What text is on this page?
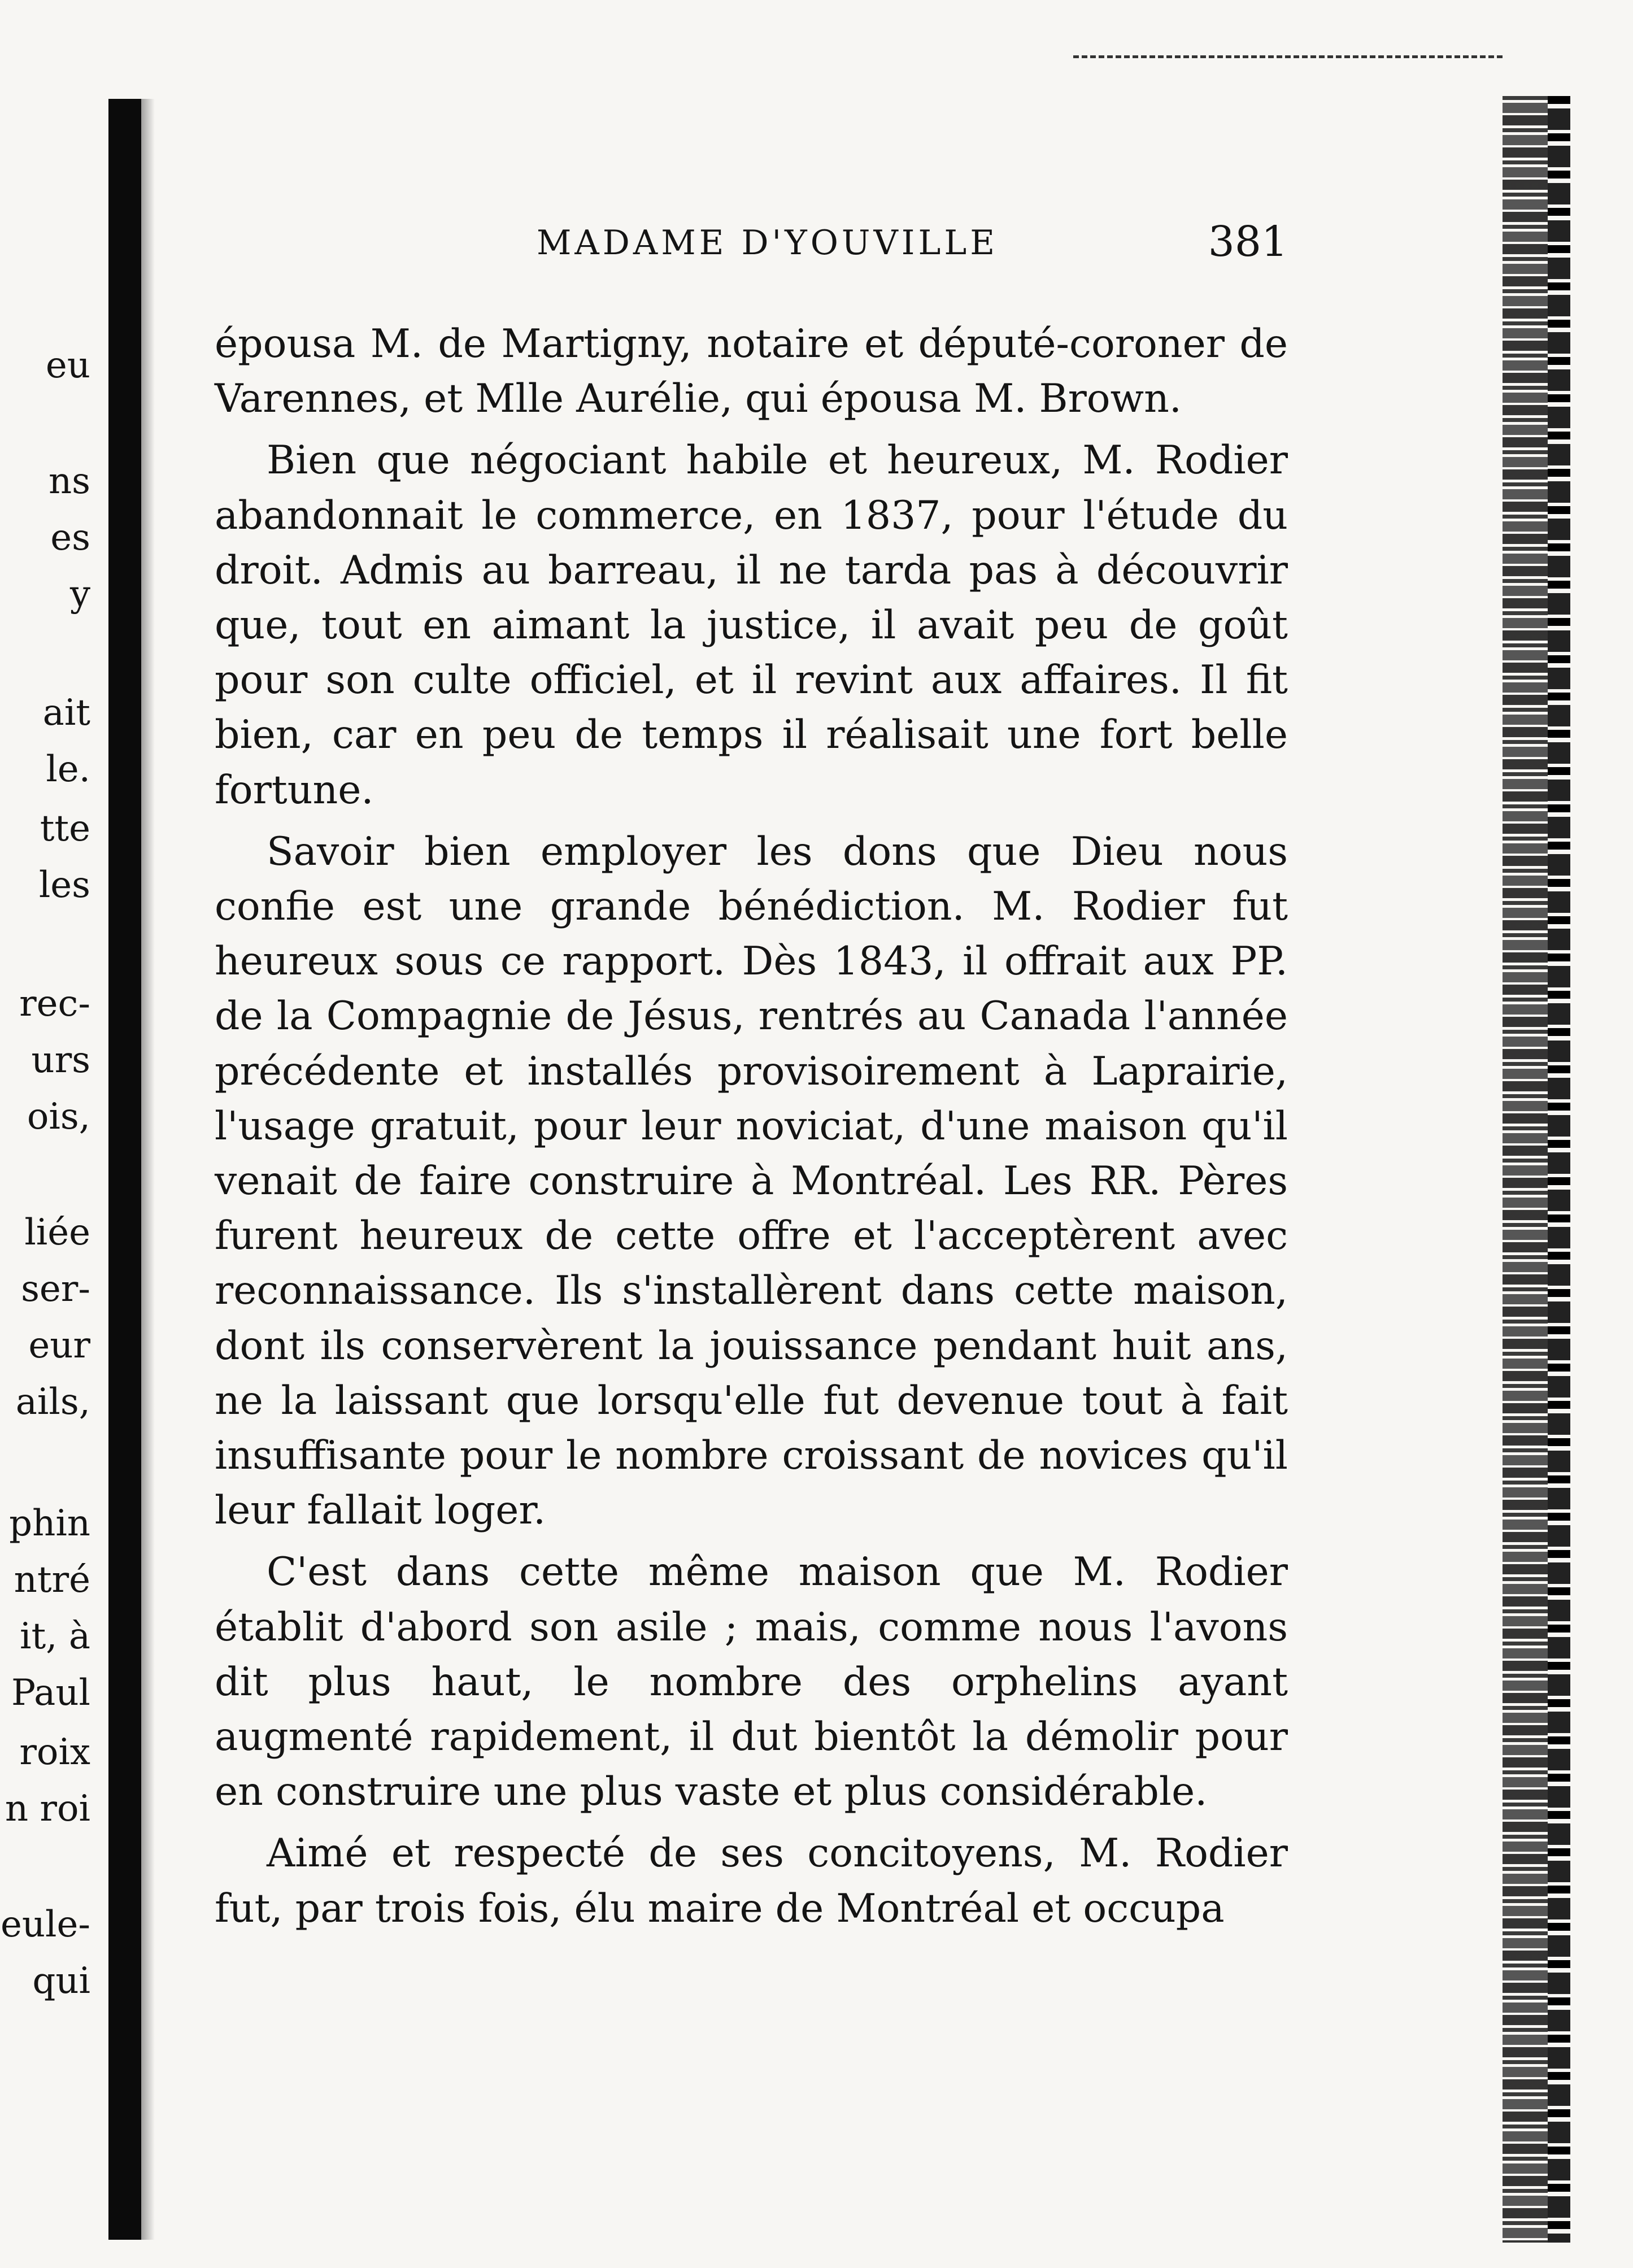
eu
ns
es
y
ait
le.
tte
les
rec-
urs
ois,
liée
ser-
eur
ails,
phin
ntré
it, à
Paul
roix
n roi
eule-
qui
MADAME D'YOUVILLE	381

épousa M. de Martigny, notaire et député-coroner de Varennes, et Mlle Aurélie, qui épousa M. Brown.

Bien que négociant habile et heureux, M. Rodier abandonnait le commerce, en 1837, pour l'étude du droit. Admis au barreau, il ne tarda pas à découvrir que, tout en aimant la justice, il avait peu de goût pour son culte officiel, et il revint aux affaires. Il fit bien, car en peu de temps il réalisait une fort belle fortune.

Savoir bien employer les dons que Dieu nous confie est une grande bénédiction. M. Rodier fut heureux sous ce rapport. Dès 1843, il offrait aux PP. de la Compagnie de Jésus, rentrés au Canada l'année précédente et installés provisoirement à Laprairie, l'usage gratuit, pour leur noviciat, d'une maison qu'il venait de faire construire à Montréal. Les RR. Pères furent heureux de cette offre et l'acceptèrent avec reconnaissance. Ils s'installèrent dans cette maison, dont ils conservèrent la jouissance pendant huit ans, ne la laissant que lorsqu'elle fut devenue tout à fait insuffisante pour le nombre croissant de novices qu'il leur fallait loger.

C'est dans cette même maison que M. Rodier établit d'abord son asile ; mais, comme nous l'avons dit plus haut, le nombre des orphelins ayant augmenté rapidement, il dut bientôt la démolir pour en construire une plus vaste et plus considérable.

Aimé et respecté de ses concitoyens, M. Rodier fut, par trois fois, élu maire de Montréal et occupa
